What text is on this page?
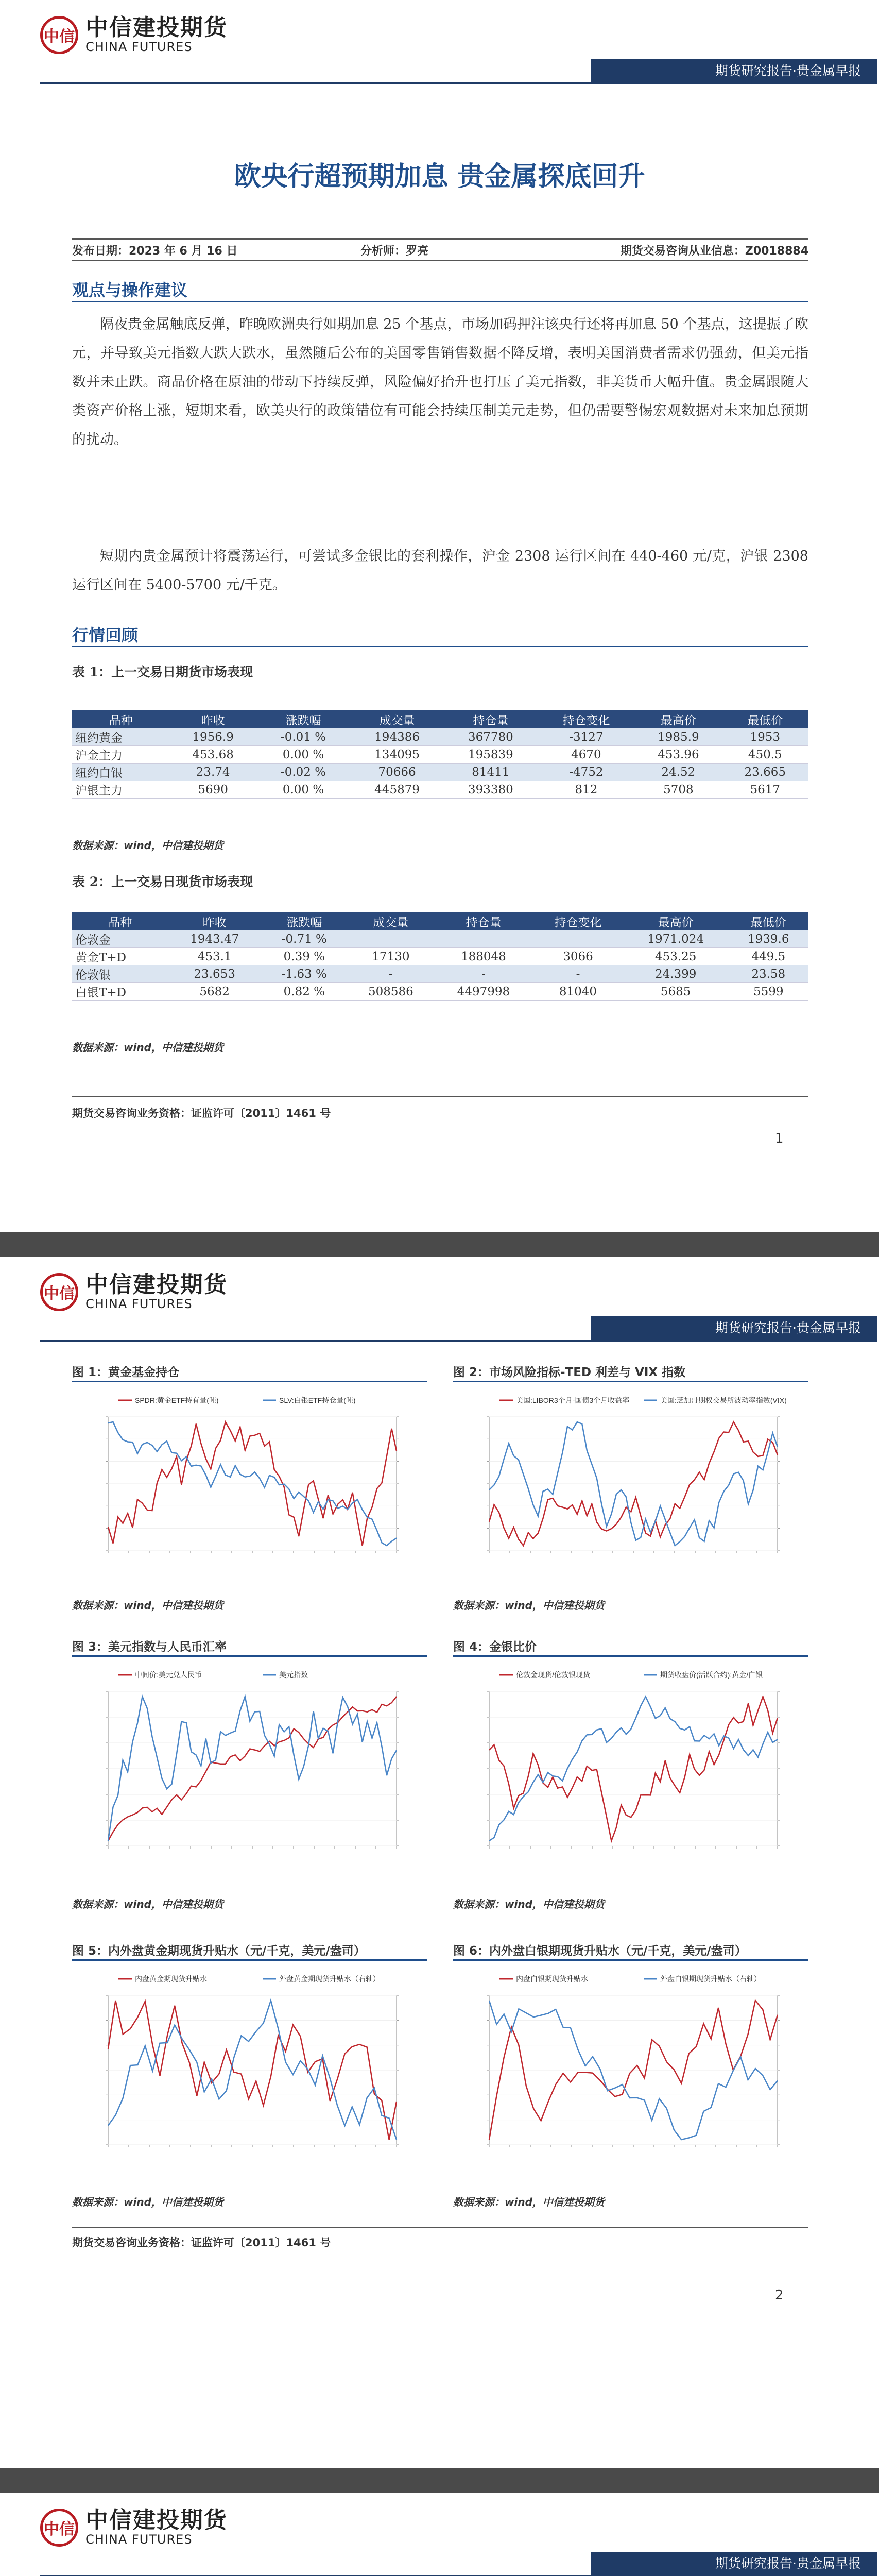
中信 中信建投期货
CHINA FUTURES
期货研究报告·贵金属早报
欧央行超预期加息 贵金属探底回升
发布日期：2023 年 6 月 16 日	分析师：罗亮	期货交易咨询从业信息：Z0018884
观点与操作建议
隔夜贵金属触底反弹，昨晚欧洲央行如期加息 25 个基点，市场加码押注该央行还将再加息 50 个基点，这提振了欧元，并导致美元指数大跌大跌水，虽然随后公布的美国零售销售数据不降反增，表明美国消费者需求仍强劲，但美元指数并未止跌。商品价格在原油的带动下持续反弹，风险偏好抬升也打压了美元指数，非美货币大幅升值。贵金属跟随大类资产价格上涨，短期来看，欧美央行的政策错位有可能会持续压制美元走势，但仍需要警惕宏观数据对未来加息预期的扰动。
短期内贵金属预计将震荡运行，可尝试多金银比的套利操作，沪金 2308 运行区间在 440-460 元/克，沪银 2308 运行区间在 5400-5700 元/千克。
行情回顾
表 1：上一交易日期货市场表现
品种	昨收	涨跌幅	成交量	持仓量	持仓变化	最高价	最低价
纽约黄金	1956.9	-0.01 %	194386	367780	-3127	1985.9	1953
沪金主力	453.68	0.00 %	134095	195839	4670	453.96	450.5
纽约白银	23.74	-0.02 %	70666	81411	-4752	24.52	23.665
沪银主力	5690	0.00 %	445879	393380	812	5708	5617
数据来源：wind，中信建投期货
表 2：上一交易日现货市场表现
品种	昨收	涨跌幅	成交量	持仓量	持仓变化	最高价	最低价
伦敦金	1943.47	-0.71 %				1971.024	1939.6
黄金T+D	453.1	0.39 %	17130	188048	3066	453.25	449.5
伦敦银	23.653	-1.63 %	-	-	-	24.399	23.58
白银T+D	5682	0.82 %	508586	4497998	81040	5685	5599
数据来源：wind，中信建投期货
期货交易咨询业务资格：证监许可〔2011〕1461 号
1
中信 中信建投期货
CHINA FUTURES
期货研究报告·贵金属早报
图 1：黄金基金持仓	图 2：市场风险指标-TED 利差与 VIX 指数
SPDR:黄金ETF持有量(吨)	SLV:白银ETF持仓量(吨)	美国:LIBOR3个月-国债3个月收益率	美国:芝加哥期权交易所波动率指数(VIX)
数据来源：wind，中信建投期货	数据来源：wind，中信建投期货
图 3：美元指数与人民币汇率	图 4：金银比价
中间价:美元兑人民币	美元指数	伦敦金现货/伦敦银现货	期货收盘价(活跃合约):黄金/白银
数据来源：wind，中信建投期货	数据来源：wind，中信建投期货
图 5：内外盘黄金期现货升贴水（元/千克，美元/盎司）	图 6：内外盘白银期现货升贴水（元/千克，美元/盎司）
内盘黄金期现货升贴水	外盘黄金期现货升贴水（右轴）	内盘白银期现货升贴水	外盘白银期现货升贴水（右轴）
数据来源：wind，中信建投期货	数据来源：wind，中信建投期货
期货交易咨询业务资格：证监许可〔2011〕1461 号
2
中信 中信建投期货
CHINA FUTURES
期货研究报告·贵金属早报
